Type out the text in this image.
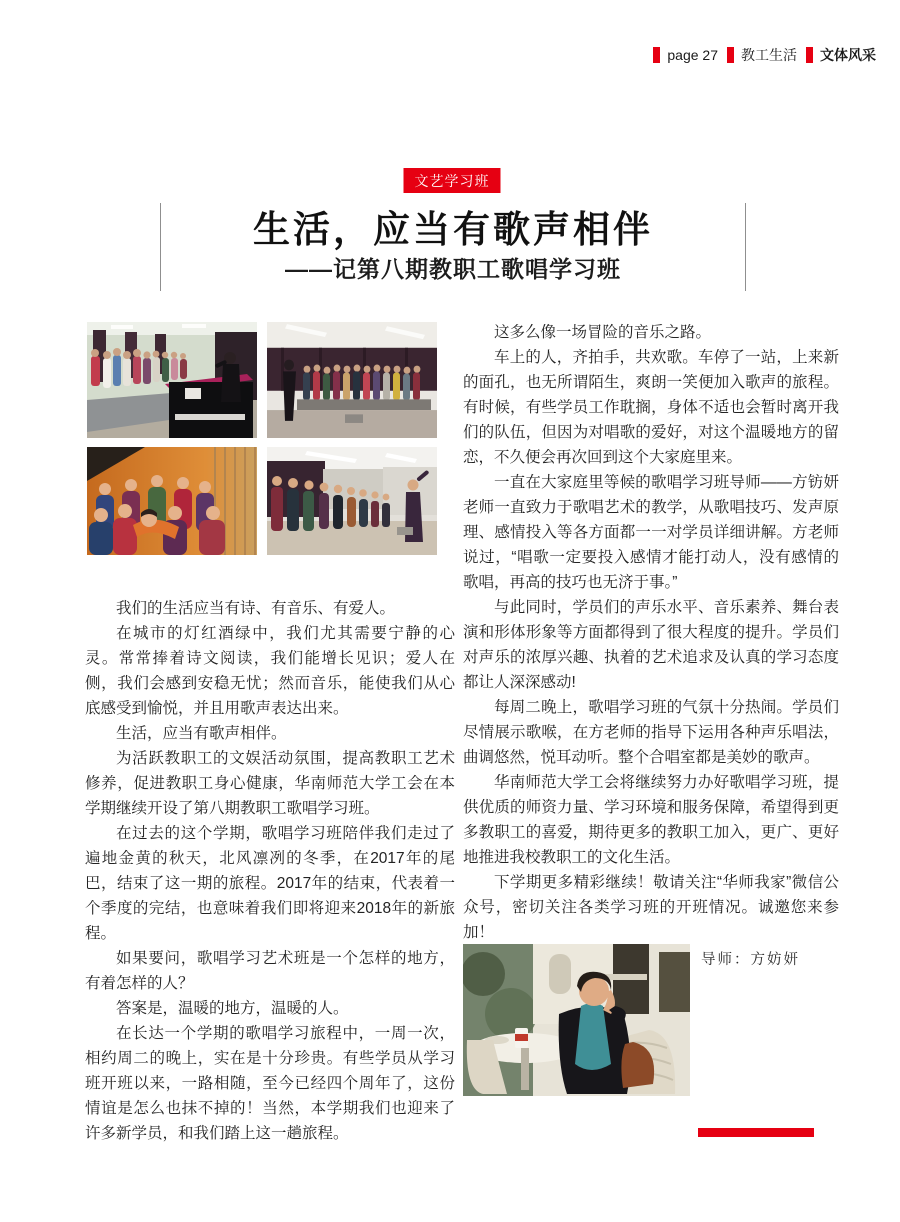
page 27 教工生活 文体风采
文艺学习班
生活，应当有歌声相伴
——记第八期教职工歌唱学习班

我们的生活应当有诗、有音乐、有爱人。

在城市的灯红酒绿中，我们尤其需要宁静的心灵。常常捧着诗文阅读，我们能增长见识；爱人在侧，我们会感到安稳无忧；然而音乐，能使我们从心底感受到愉悦，并且用歌声表达出来。

生活，应当有歌声相伴。

为活跃教职工的文娱活动氛围，提高教职工艺术修养，促进教职工身心健康，华南师范大学工会在本学期继续开设了第八期教职工歌唱学习班。

在过去的这个学期，歌唱学习班陪伴我们走过了遍地金黄的秋天，北风凛冽的冬季，在2017年的尾巴，结束了这一期的旅程。2017年的结束，代表着一个季度的完结，也意味着我们即将迎来2018年的新旅程。

如果要问，歌唱学习艺术班是一个怎样的地方，有着怎样的人？

答案是，温暖的地方，温暖的人。

在长达一个学期的歌唱学习旅程中，一周一次，相约周二的晚上，实在是十分珍贵。有些学员从学习班开班以来，一路相随，至今已经四个周年了，这份情谊是怎么也抹不掉的！当然，本学期我们也迎来了许多新学员，和我们踏上这一趟旅程。

这多么像一场冒险的音乐之路。

车上的人，齐拍手，共欢歌。车停了一站，上来新的面孔，也无所谓陌生，爽朗一笑便加入歌声的旅程。有时候，有些学员工作耽搁，身体不适也会暂时离开我们的队伍，但因为对唱歌的爱好，对这个温暖地方的留恋，不久便会再次回到这个大家庭里来。

一直在大家庭里等候的歌唱学习班导师——方钫妍老师一直致力于歌唱艺术的教学，从歌唱技巧、发声原理、感情投入等各方面都一一对学员详细讲解。方老师说过，“唱歌一定要投入感情才能打动人，没有感情的歌唱，再高的技巧也无济于事。”

与此同时，学员们的声乐水平、音乐素养、舞台表演和形体形象等方面都得到了很大程度的提升。学员们对声乐的浓厚兴趣、执着的艺术追求及认真的学习态度都让人深深感动!

每周二晚上，歌唱学习班的气氛十分热闹。学员们尽情展示歌喉，在方老师的指导下运用各种声乐唱法，曲调悠然，悦耳动听。整个合唱室都是美妙的歌声。

华南师范大学工会将继续努力办好歌唱学习班，提供优质的师资力量、学习环境和服务保障，希望得到更多教职工的喜爱，期待更多的教职工加入，更广、更好地推进我校教职工的文化生活。

下学期更多精彩继续！敬请关注“华师我家”微信公众号，密切关注各类学习班的开班情况。诚邀您来参加！

导师：方妨妍
